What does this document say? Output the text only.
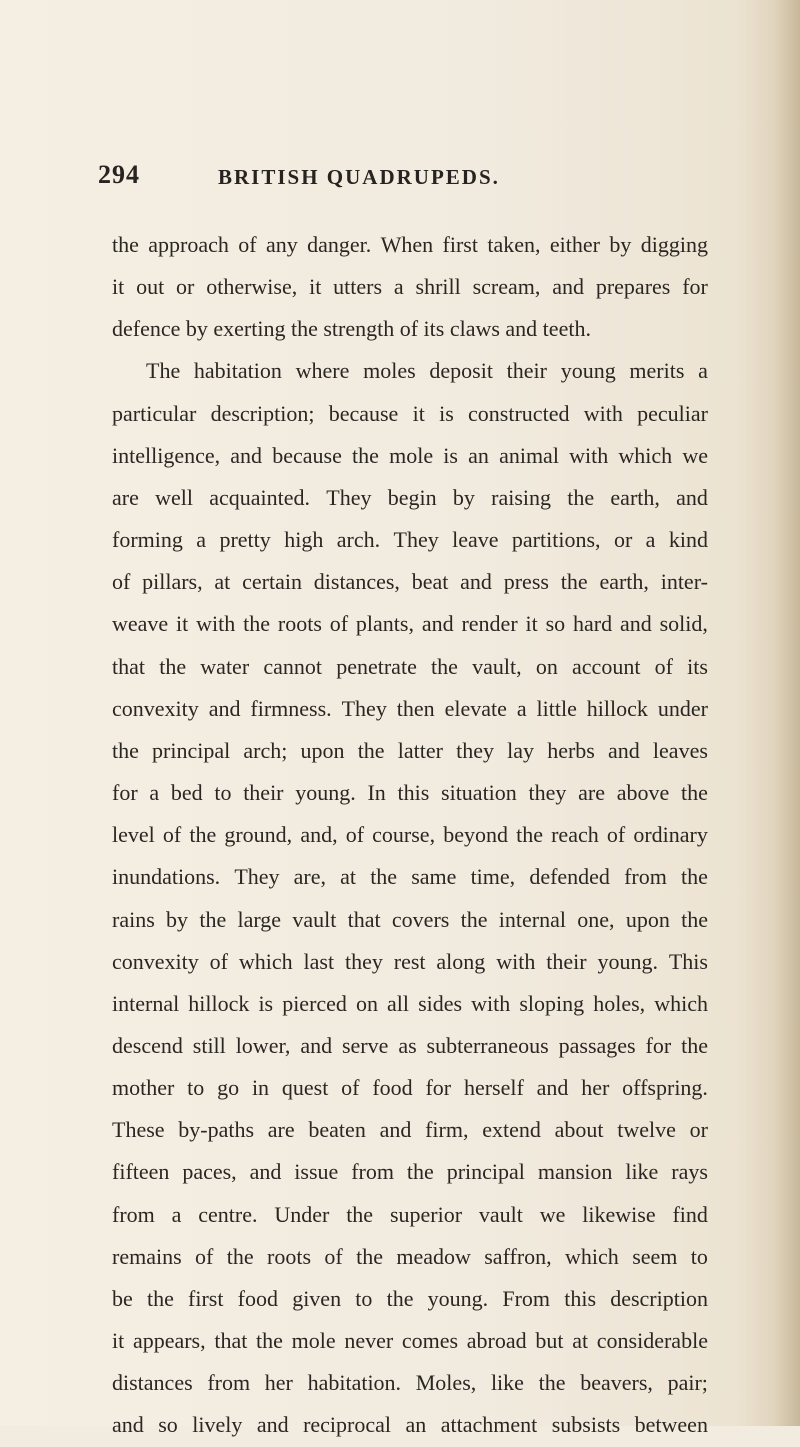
294	BRITISH QUADRUPEDS.
the approach of any danger. When first taken, either by digging
it out or otherwise, it utters a shrill scream, and prepares for
defence by exerting the strength of its claws and teeth.
The habitation where moles deposit their young merits a
particular description; because it is constructed with peculiar
intelligence, and because the mole is an animal with which we
are well acquainted. They begin by raising the earth, and
forming a pretty high arch. They leave partitions, or a kind
of pillars, at certain distances, beat and press the earth, inter-
weave it with the roots of plants, and render it so hard and solid,
that the water cannot penetrate the vault, on account of its
convexity and firmness. They then elevate a little hillock under
the principal arch; upon the latter they lay herbs and leaves
for a bed to their young. In this situation they are above the
level of the ground, and, of course, beyond the reach of ordinary
inundations. They are, at the same time, defended from the
rains by the large vault that covers the internal one, upon the
convexity of which last they rest along with their young. This
internal hillock is pierced on all sides with sloping holes, which
descend still lower, and serve as subterraneous passages for the
mother to go in quest of food for herself and her offspring.
These by-paths are beaten and firm, extend about twelve or
fifteen paces, and issue from the principal mansion like rays
from a centre. Under the superior vault we likewise find
remains of the roots of the meadow saffron, which seem to
be the first food given to the young. From this description
it appears, that the mole never comes abroad but at considerable
distances from her habitation. Moles, like the beavers, pair;
and so lively and reciprocal an attachment subsists between
